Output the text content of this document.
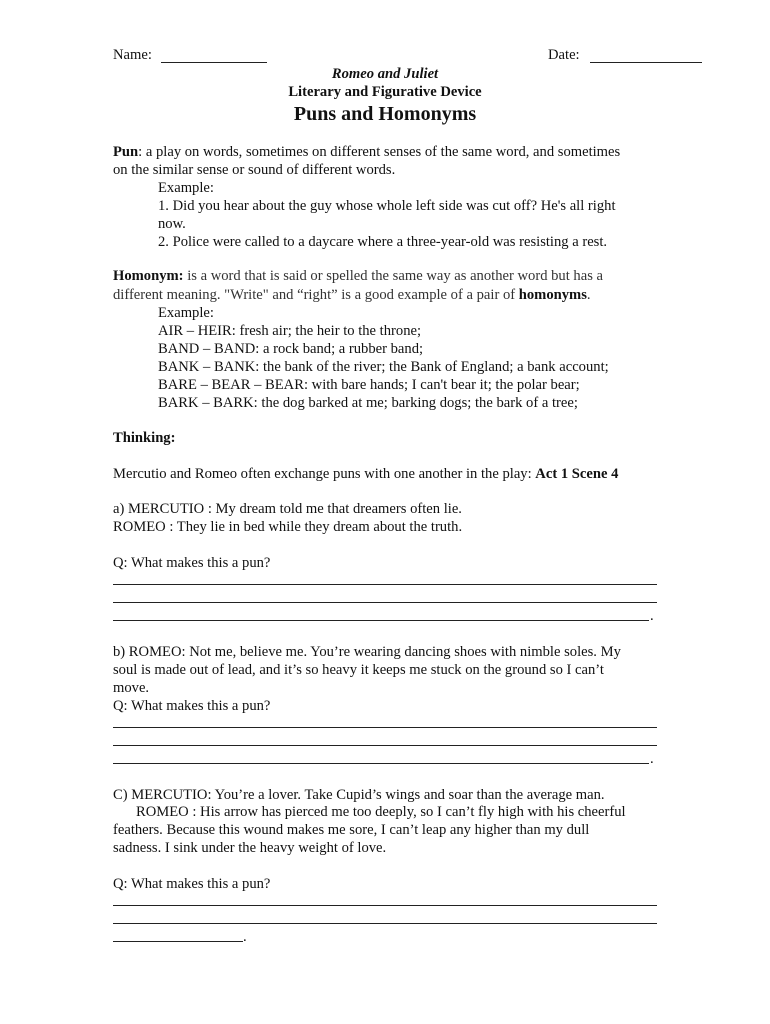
Name:	Date:
Romeo and Juliet
Literary and Figurative Device
Puns and Homonyms
Pun: a play on words, sometimes on different senses of the same word, and sometimes
on the similar sense or sound of different words.
Example:
1. Did you hear about the guy whose whole left side was cut off? He's all right
now.
2. Police were called to a daycare where a three-year-old was resisting a rest.
Homonym: is a word that is said or spelled the same way as another word but has a
different meaning. "Write" and “right” is a good example of a pair of homonyms.
Example:
AIR – HEIR: fresh air; the heir to the throne;
BAND – BAND: a rock band; a rubber band;
BANK – BANK: the bank of the river; the Bank of England; a bank account;
BARE – BEAR – BEAR: with bare hands; I can't bear it; the polar bear;
BARK – BARK: the dog barked at me; barking dogs; the bark of a tree;
Thinking:
Mercutio and Romeo often exchange puns with one another in the play: Act 1 Scene 4
a) MERCUTIO : My dream told me that dreamers often lie.
ROMEO : They lie in bed while they dream about the truth.
Q: What makes this a pun?
.
b) ROMEO: Not me, believe me. You’re wearing dancing shoes with nimble soles. My
soul is made out of lead, and it’s so heavy it keeps me stuck on the ground so I can’t
move.
Q: What makes this a pun?
.
C) MERCUTIO: You’re a lover. Take Cupid’s wings and soar than the average man.
ROMEO : His arrow has pierced me too deeply, so I can’t fly high with his cheerful
feathers. Because this wound makes me sore, I can’t leap any higher than my dull
sadness. I sink under the heavy weight of love.
Q: What makes this a pun?
.
